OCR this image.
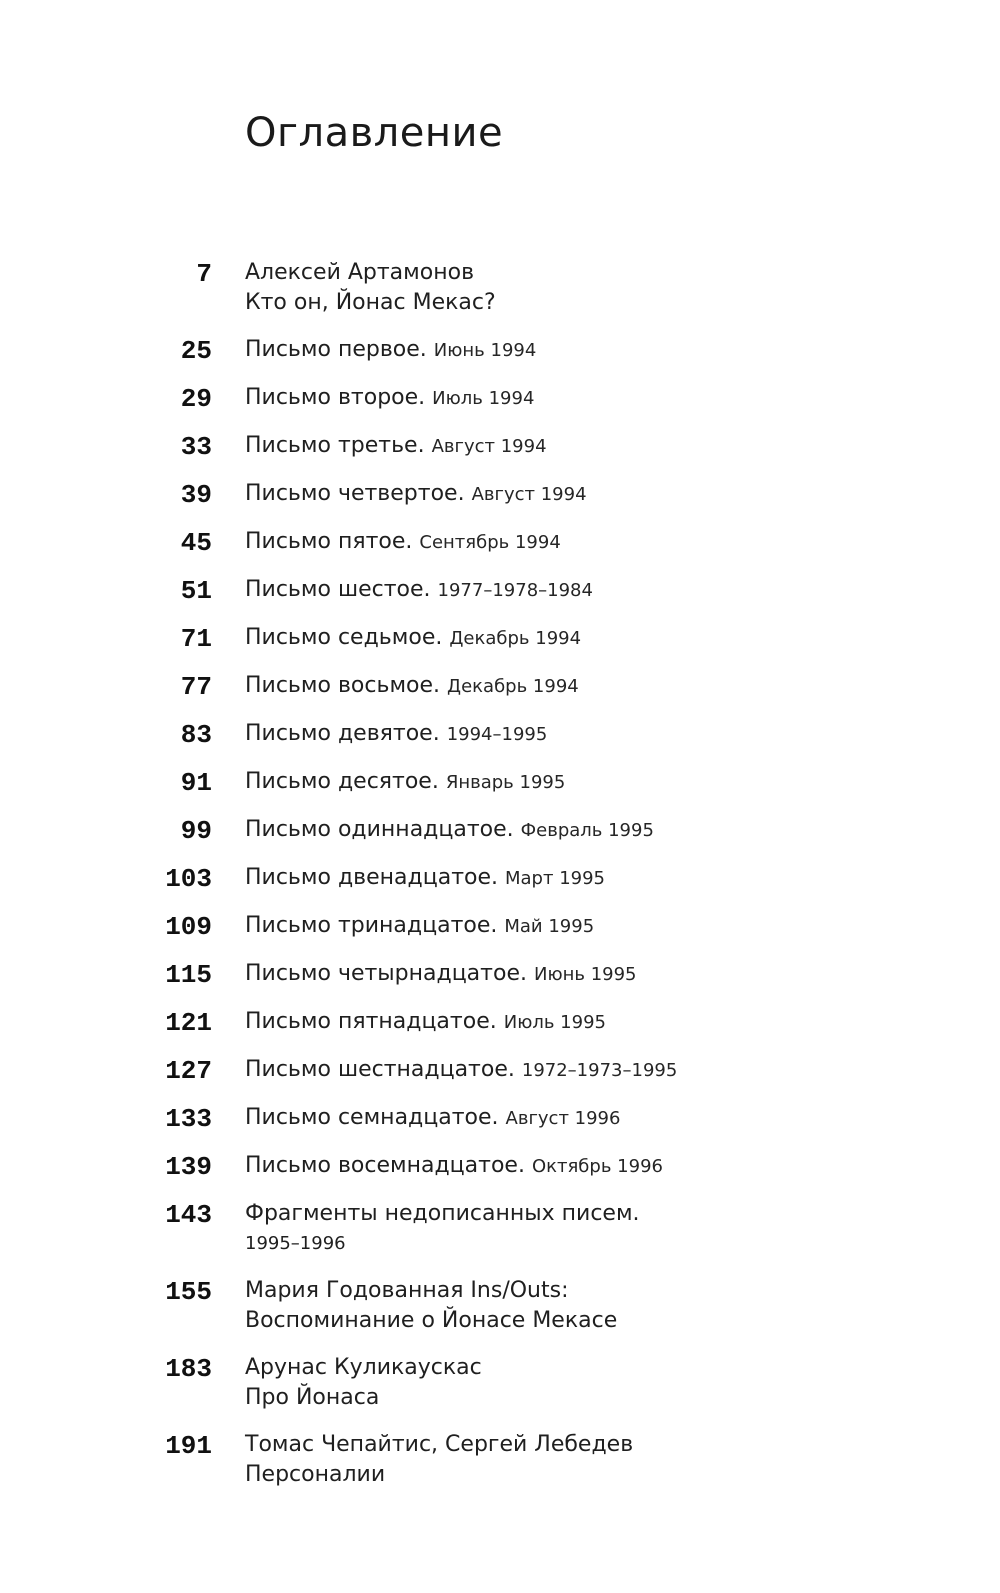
Оглавление
7 Алексей Артамонов
Кто он, Йонас Мекас?
25 Письмо первое. Июнь 1994
29 Письмо второе. Июль 1994
33 Письмо третье. Август 1994
39 Письмо четвертое. Август 1994
45 Письмо пятое. Сентябрь 1994
51 Письмо шестое. 1977–1978–1984
71 Письмо седьмое. Декабрь 1994
77 Письмо восьмое. Декабрь 1994
83 Письмо девятое. 1994–1995
91 Письмо десятое. Январь 1995
99 Письмо одиннадцатое. Февраль 1995
103 Письмо двенадцатое. Март 1995
109 Письмо тринадцатое. Май 1995
115 Письмо четырнадцатое. Июнь 1995
121 Письмо пятнадцатое. Июль 1995
127 Письмо шестнадцатое. 1972–1973–1995
133 Письмо семнадцатое. Август 1996
139 Письмо восемнадцатое. Октябрь 1996
143 Фрагменты недописанных писем.
1995–1996
155 Мария Годованная Ins/Outs:
Воспоминание о Йонасе Мекасе
183 Арунас Куликаускас
Про Йонаса
191 Томас Чепайтис, Сергей Лебедев
Персоналии
